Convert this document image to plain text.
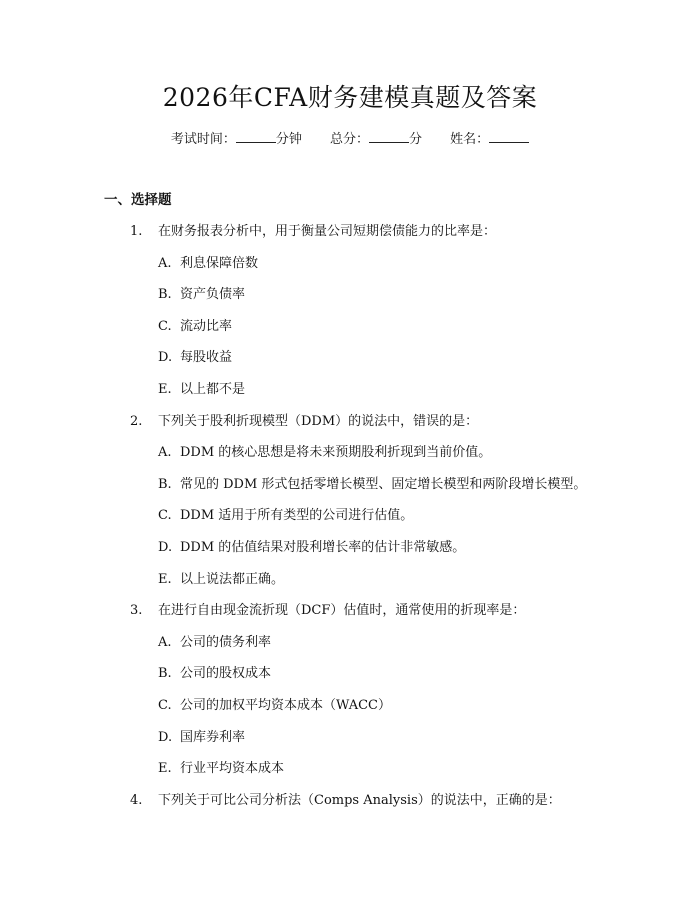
2026年CFA财务建模真题及答案
考试时间：	分钟 总分：	分 姓名：
一、选择题
1. 在财务报表分析中，用于衡量公司短期偿债能力的比率是：
A. 利息保障倍数
B. 资产负债率
C. 流动比率
D. 每股收益
E. 以上都不是
2. 下列关于股利折现模型（DDM）的说法中，错误的是：
A. DDM 的核心思想是将未来预期股利折现到当前价值。
B. 常见的 DDM 形式包括零增长模型、固定增长模型和两阶段增长模型。
C. DDM 适用于所有类型的公司进行估值。
D. DDM 的估值结果对股利增长率的估计非常敏感。
E. 以上说法都正确。
3. 在进行自由现金流折现（DCF）估值时，通常使用的折现率是：
A. 公司的债务利率
B. 公司的股权成本
C. 公司的加权平均资本成本（WACC）
D. 国库券利率
E. 行业平均资本成本
4. 下列关于可比公司分析法（Comps Analysis）的说法中，正确的是：
